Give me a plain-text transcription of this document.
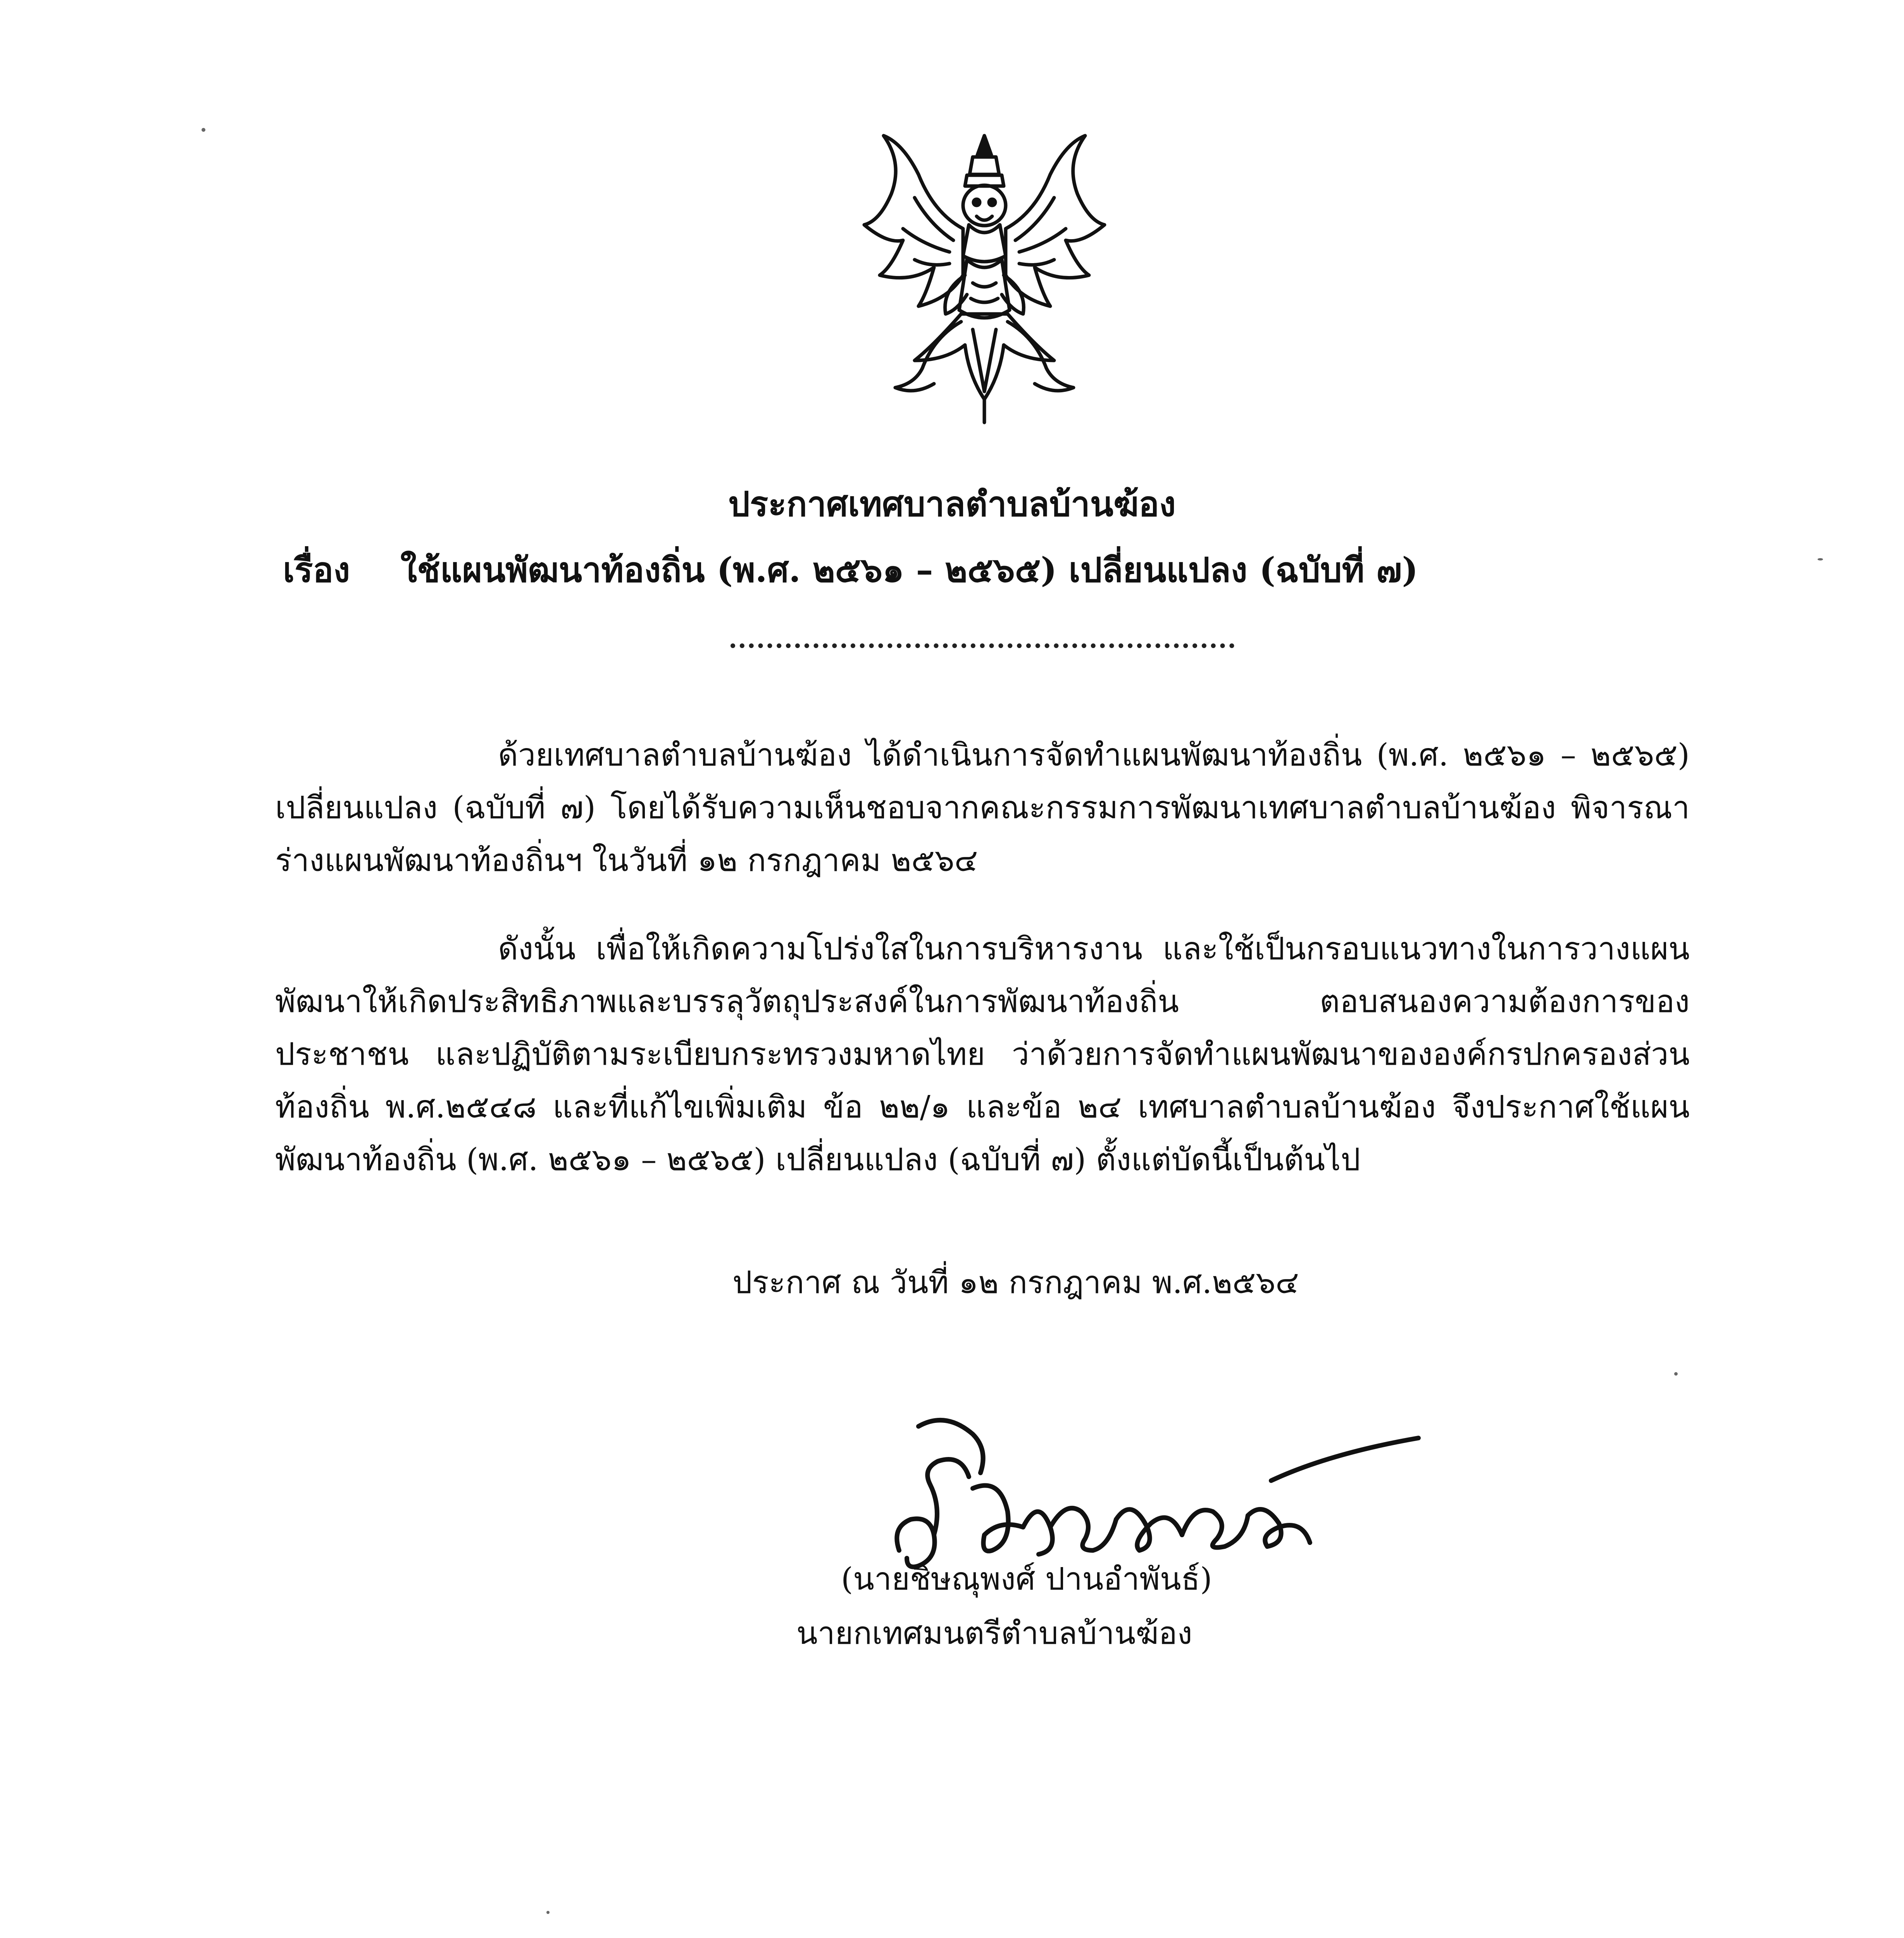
ประกาศเทศบาลตำบลบ้านฆ้อง
เรื่อง ใช้แผนพัฒนาท้องถิ่น (พ.ศ. ๒๕๖๑ – ๒๕๖๕) เปลี่ยนแปลง (ฉบับที่ ๗)

ด้วยเทศบาลตำบลบ้านฆ้อง ได้ดำเนินการจัดทำแผนพัฒนาท้องถิ่น (พ.ศ. ๒๕๖๑ – ๒๕๖๕) เปลี่ยนแปลง (ฉบับที่ ๗) โดยได้รับความเห็นชอบจากคณะกรรมการพัฒนาเทศบาลตำบลบ้านฆ้อง พิจารณาร่างแผนพัฒนาท้องถิ่นฯ ในวันที่ ๑๒ กรกฎาคม ๒๕๖๔

ดังนั้น เพื่อให้เกิดความโปร่งใสในการบริหารงาน และใช้เป็นกรอบแนวทางในการวางแผนพัฒนาให้เกิดประสิทธิภาพและบรรลุวัตถุประสงค์ในการพัฒนาท้องถิ่น ตอบสนองความต้องการของประชาชน และปฏิบัติตามระเบียบกระทรวงมหาดไทย ว่าด้วยการจัดทำแผนพัฒนาขององค์กรปกครองส่วนท้องถิ่น พ.ศ.๒๕๔๘ และที่แก้ไขเพิ่มเติม ข้อ ๒๒/๑ และข้อ ๒๔ เทศบาลตำบลบ้านฆ้อง จึงประกาศใช้แผนพัฒนาท้องถิ่น (พ.ศ. ๒๕๖๑ – ๒๕๖๕) เปลี่ยนแปลง (ฉบับที่ ๗) ตั้งแต่บัดนี้เป็นต้นไป

ประกาศ ณ วันที่ ๑๒ กรกฎาคม พ.ศ.๒๕๖๔
(นายชิษณุพงศ์ ปานอำพันธ์)
นายกเทศมนตรีตำบลบ้านฆ้อง
